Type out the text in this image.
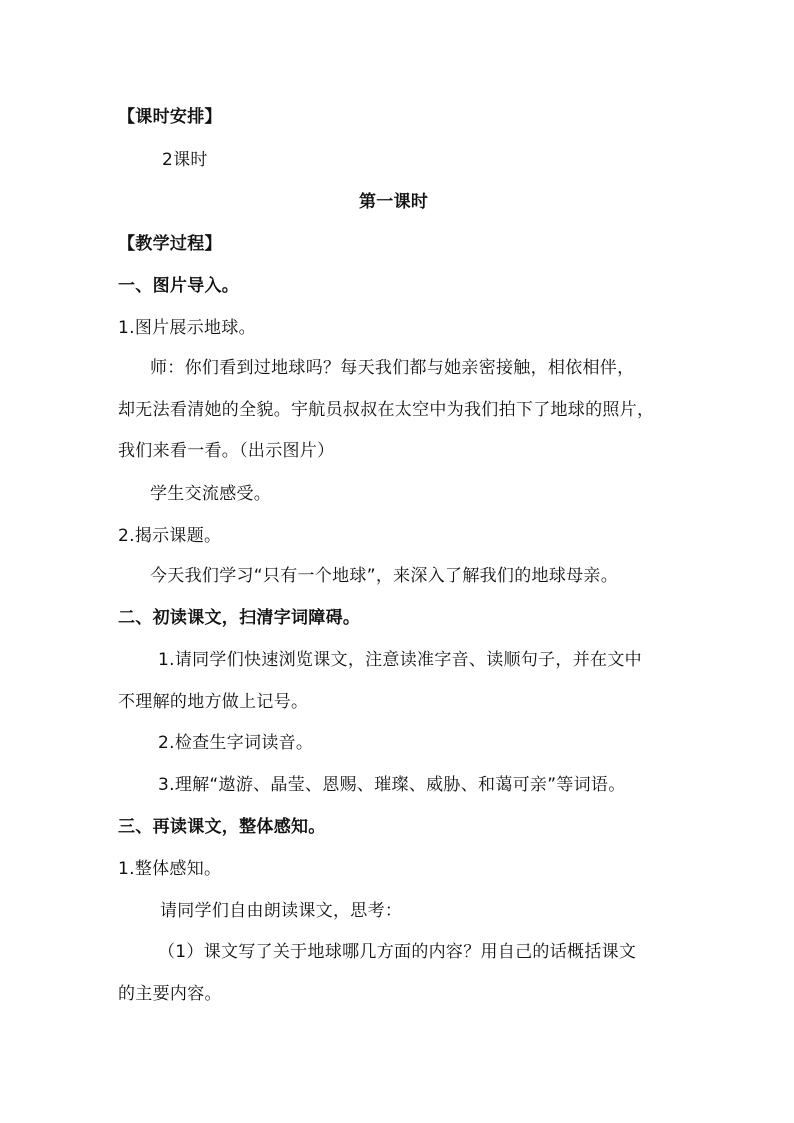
【课时安排】
2课时
第一课时
【教学过程】
一、图片导入。
1.图片展示地球。
师：你们看到过地球吗？每天我们都与她亲密接触，相依相伴，
却无法看清她的全貌。宇航员叔叔在太空中为我们拍下了地球的照片，
我们来看一看。（出示图片）
学生交流感受。
2.揭示课题。
今天我们学习“只有一个地球”，来深入了解我们的地球母亲。
二、初读课文，扫清字词障碍。
1.请同学们快速浏览课文，注意读准字音、读顺句子，并在文中
不理解的地方做上记号。
2.检查生字词读音。
3.理解“遨游、晶莹、恩赐、璀璨、威胁、和蔼可亲”等词语。
三、再读课文，整体感知。
1.整体感知。
请同学们自由朗读课文，思考：
（1）课文写了关于地球哪几方面的内容？用自己的话概括课文
的主要内容。
